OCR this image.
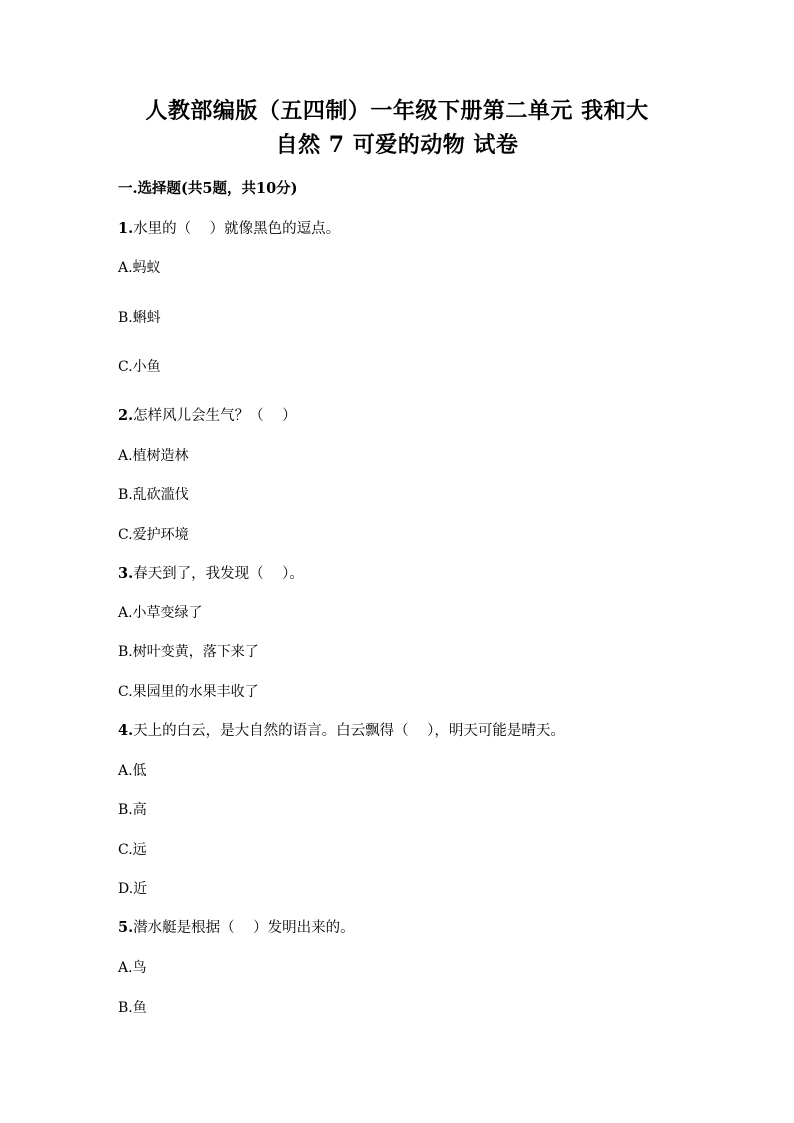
人教部编版（五四制）一年级下册第二单元 我和大
自然 7 可爱的动物 试卷
一.选择题(共5题，共10分)
1.水里的（    ）就像黑色的逗点。
A.蚂蚁
B.蝌蚪
C.小鱼
2.怎样风儿会生气？（    ）
A.植树造林
B.乱砍滥伐
C.爱护环境
3.春天到了，我发现（    ）。
A.小草变绿了
B.树叶变黄，落下来了
C.果园里的水果丰收了
4.天上的白云，是大自然的语言。白云飘得（    ），明天可能是晴天。
A.低
B.高
C.远
D.近
5.潜水艇是根据（    ）发明出来的。
A.鸟
B.鱼
